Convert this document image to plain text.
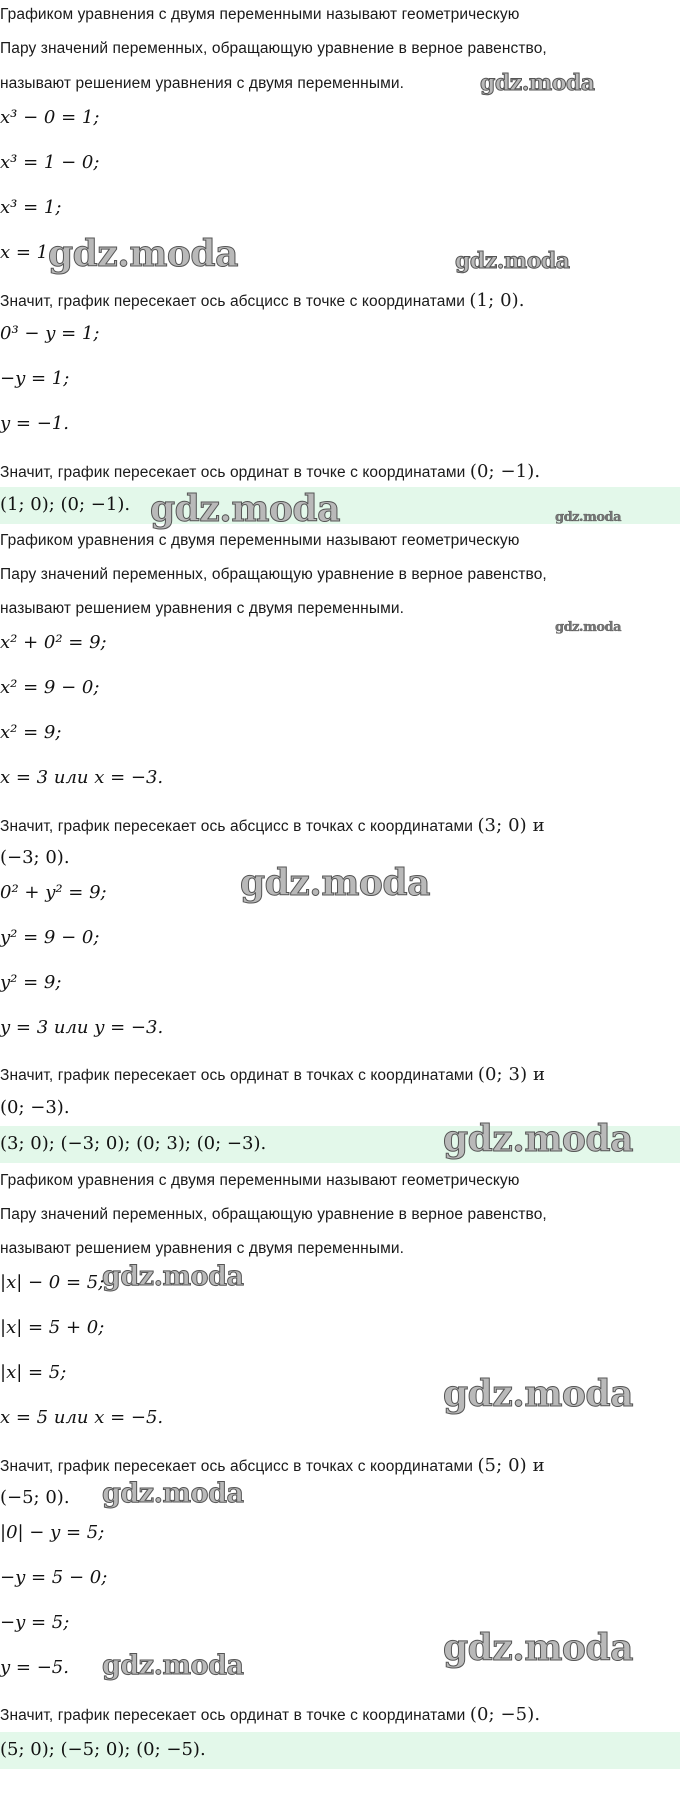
Графиком уравнения с двумя переменными называют геометрическую
Пару значений переменных, обращающую уравнение в верное равенство,
называют решением уравнения с двумя переменными.
x³ − 0 = 1;
x³ = 1 − 0;
x³ = 1;
x = 1.
Значит, график пересекает ось абсцисс в точке с координатами (1; 0).
0³ − y = 1;
−y = 1;
y = −1.
Значит, график пересекает ось ординат в точке с координатами (0; −1).
(1; 0); (0; −1).
Графиком уравнения с двумя переменными называют геометрическую
Пару значений переменных, обращающую уравнение в верное равенство,
называют решением уравнения с двумя переменными.
x² + 0² = 9;
x² = 9 − 0;
x² = 9;
x = 3 или x = −3.
Значит, график пересекает ось абсцисс в точках с координатами (3; 0) и
(−3; 0).
0² + y² = 9;
y² = 9 − 0;
y² = 9;
y = 3 или y = −3.
Значит, график пересекает ось ординат в точках с координатами (0; 3) и
(0; −3).
(3; 0); (−3; 0); (0; 3); (0; −3).
Графиком уравнения с двумя переменными называют геометрическую
Пару значений переменных, обращающую уравнение в верное равенство,
называют решением уравнения с двумя переменными.
|x| − 0 = 5;
|x| = 5 + 0;
|x| = 5;
x = 5 или x = −5.
Значит, график пересекает ось абсцисс в точках с координатами (5; 0) и
(−5; 0).
|0| − y = 5;
−y = 5 − 0;
−y = 5;
y = −5.
Значит, график пересекает ось ординат в точке с координатами (0; −5).
(5; 0); (−5; 0); (0; −5).
gdz.moda
gdz.moda	gdz.moda
gdz.moda	gdz.moda
gdz.moda
gdz.moda
gdz.moda
gdz.moda
gdz.moda
gdz.moda
gdz.moda
gdz.moda
